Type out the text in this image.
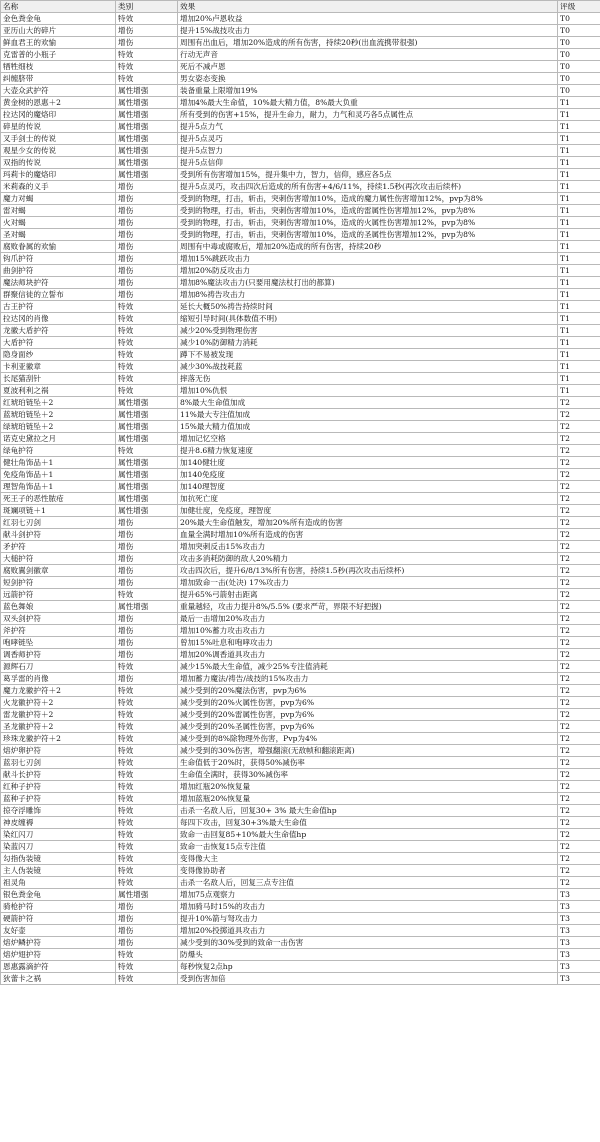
名称	类别	效果	评级
金色粪金龟	特效	增加20%卢恩收益	T0
亚历山大的碎片	增伤	提升15%战技攻击力	T0
鲜血君王的欢愉	增伤	周围有出血后，增加20%造成的所有伤害，持续20秒(出血流携带很强)	T0
克雷普的小瓶子	特效	行动无声音	T0
牺牲细枝	特效	死后不减卢恩	T0
纠缠脐带	特效	男女姿态变换	T0
大壶众武护符	属性增强	装备重量上限增加19%	T0
黄金树的恩惠＋2	属性增强	增加4%最大生命值，10%最大精力值，8%最大负重	T1
拉达冈的魔烙印	属性增强	所有受到的伤害+15%，提升生命力，耐力，力气和灵巧各5点属性点	T1
碎星的传说	属性增强	提升5点力气	T1
叉手剑士的传说	属性增强	提升5点灵巧	T1
观星少女的传说	属性增强	提升5点智力	T1
双指的传说	属性增强	提升5点信仰	T1
玛莉卡的魔烙印	属性增强	受到所有伤害增加15%，提升集中力，智力，信仰，感应各5点	T1
米莉森的义手	增伤	提升5点灵巧，攻击四次后造成的所有伤害+4/6/11%，持续1.5秒(再次攻击后续杯)	T1
魔力对蝎	增伤	受到的物理，打击，斩击，突刺伤害增加10%，造成的魔力属性伤害增加12%，pvp为8%	T1
雷对蝎	增伤	受到的物理，打击，斩击，突刺伤害增加10%，造成的雷属性伤害增加12%，pvp为8%	T1
火对蝎	增伤	受到的物理，打击，斩击，突刺伤害增加10%，造成的火属性伤害增加12%，pvp为8%	T1
圣对蝎	增伤	受到的物理，打击，斩击，突刺伤害增加10%，造成的圣属性伤害增加12%，pvp为8%	T1
腐败眷属的欢愉	增伤	周围有中毒或腐败后，增加20%造成的所有伤害，持续20秒	T1
钩爪护符	增伤	增加15%跳跃攻击力	T1
曲剑护符	增伤	增加20%防反攻击力	T1
魔法师块护符	增伤	增加8%魔法攻击力(只要用魔法杖打出的都算)	T1
群聚信徒的立誓布	增伤	增加8%祷告攻击力	T1
古王护符	特效	延长大概50%祷告持续时间	T1
拉达冈的肖像	特效	缩短引导时间(具体数值不明)	T1
龙徽大盾护符	特效	减少20%受到物理伤害	T1
大盾护符	特效	减少10%防御精力消耗	T1
隐身面纱	特效	蹲下不易被发现	T1
卡利亚徽章	特效	减少30%战技耗蓝	T1
长尾猫刮针	特效	摔落无伤	T1
夏波利利之祸	特效	增加10%仇恨	T1
红琥珀链坠＋2	属性增强	8%最大生命值加成	T2
蓝琥珀链坠＋2	属性增强	11%最大专注值加成	T2
绿琥珀链坠＋2	属性增强	15%最大精力值加成	T2
诺克史黛拉之月	属性增强	增加记忆空格	T2
绿龟护符	特效	提升8.6精力恢复速度	T2
健壮角饰品＋1	属性增强	加140健壮度	T2
免疫角饰品＋1	属性增强	加140免疫度	T2
理智角饰品＋1	属性增强	加140理智度	T2
死王子的恶性脓疮	属性增强	加抗死亡度	T2
斑斓项链＋1	属性增强	加健壮度，免疫度，理智度	T2
红羽七刃剑	增伤	20%最大生命值触发，增加20%所有造成的伤害	T2
献斗剑护符	增伤	血量全满时增加10%所有造成的伤害	T2
矛护符	增伤	增加突刺反击15%攻击力	T2
大槌护符	增伤	攻击多消耗防御的敌人20%精力	T2
腐败翼剑徽章	增伤	攻击四次后，提升6/8/13%所有伤害，持续1.5秒(再次攻击后续杯)	T2
短剑护符	增伤	增加致命一击(处决) 17%攻击力	T2
远箭护符	特效	提升65%弓箭射击距离	T2
蓝色舞娘	属性增强	重量越轻，攻击力提升8%/5.5% (要求严苛，界限不好把握)	T2
双头剑护符	增伤	最后一击增加20%攻击力	T2
斧护符	增伤	增加10%蓄力攻击攻击力	T2
咆哮链坠	增伤	曾加15%吐息和咆哮攻击力	T2
调香师护符	增伤	增加20%调香道具攻击力	T2
源辉石刀	特效	减少15%最大生命值，减少25%专注值消耗	T2
葛孚雷的肖像	增伤	增加蓄力魔法/祷告/战技的15%攻击力	T2
魔力龙徽护符＋2	特效	减少受到的20%魔法伤害，pvp为6%	T2
火龙徽护符＋2	特效	减少受到的20%火属性伤害，pvp为6%	T2
雷龙徽护符＋2	特效	减少受到的20%雷属性伤害，pvp为6%	T2
圣龙徽护符＋2	特效	减少受到的20%圣属性伤害，pvp为6%	T2
珍珠龙徽护符＋2	特效	减少受到的8%除物理外伤害，Pvp为4%	T2
熔炉卵护符	特效	减少受到的30%伤害，增强翻滚(无敌帧和翻滚距离)	T2
蓝羽七刃剑	特效	生命值低于20%时，获得50%减伤率	T2
献斗长护符	特效	生命值全满时，获得30%减伤率	T2
红种子护符	特效	增加红瓶20%恢复量	T2
蓝种子护符	特效	增加蓝瓶20%恢复量	T2
掠夺浮雕饰	特效	击杀一名敌人后，回复30+ 3% 最大生命值hp	T2
神皮缠褥	特效	每四下攻击，回复30+3%最大生命值	T2
染红闪刀	特效	致命一击回复85+10%最大生命值hp	T2
染蓝闪刀	特效	致命一击恢复15点专注值	T2
勾指伪装镜	特效	变得像大主	T2
主人伪装镜	特效	变得像协助者	T2
祖灵角	特效	击杀一名敌人后，回复三点专注值	T2
银色粪金龟	属性增强	增加75点观察力	T3
骑枪护符	增伤	增加骑马时15%的攻击力	T3
硬箭护符	增伤	提升10%箭与弩攻击力	T3
友好壶	增伤	增加20%投掷道具攻击力	T3
熔炉鳞护符	增伤	减少受到的30%受到的致命一击伤害	T3
熔炉翅护符	特效	防爆头	T3
恩惠露滴护符	特效	每秒恢复2点hp	T3
狄蕾卡之祸	特效	受到伤害加倍	T3
